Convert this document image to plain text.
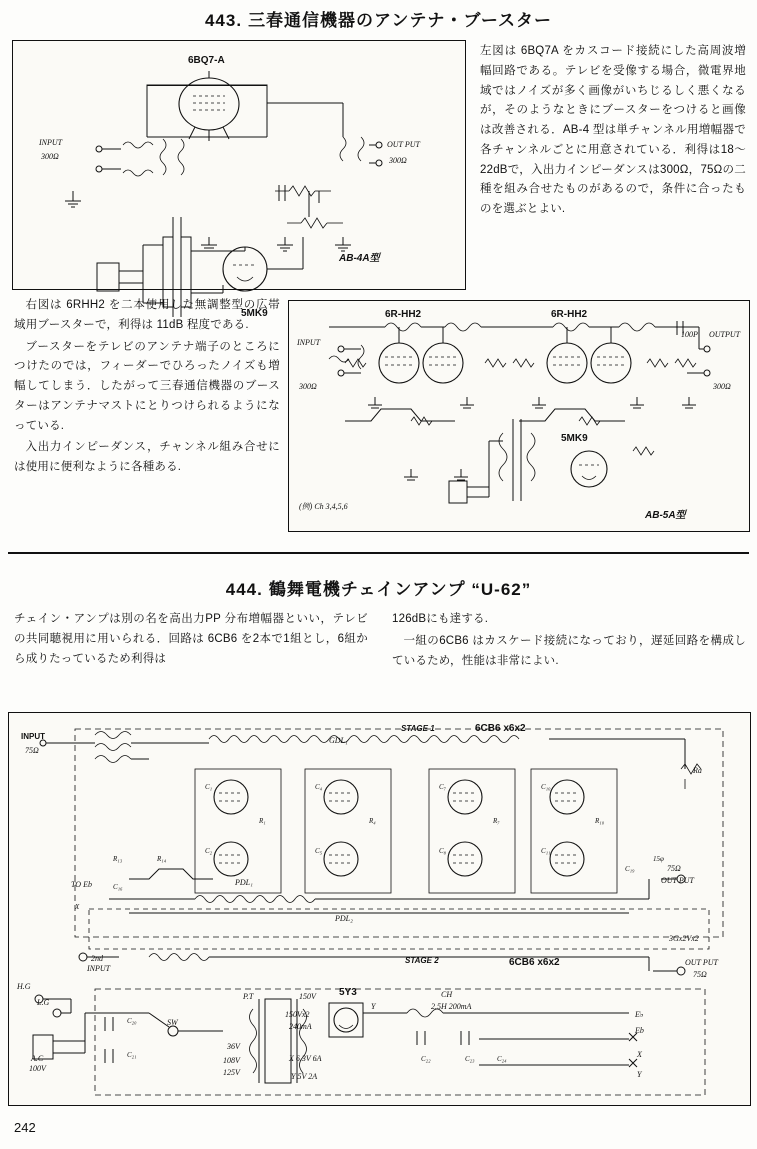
443. 三春通信機器のアンテナ・ブースター
6BQ7-A
INPUT
300Ω
OUT PUT
300Ω
5MK9
AB-4A型

左図は 6BQ7A をカスコード接続にした高周波増幅回路である。テレビを受像する場合，微電界地域ではノイズが多く画像がいちじるしく悪くなるが，そのようなときにブースターをつけると画像は改善される．AB-4 型は単チャンネル用増幅器で各チャンネルごとに用意されている．利得は18〜22dBで，入出力インピーダンスは300Ω，75Ωの二種を組み合せたものがあるので，条件に合ったものを選ぶとよい.

右図は 6RHH2 を二本使用した無調整型の広帯域用ブースターで，利得は 11dB 程度である.

ブースターをテレビのアンテナ端子のところにつけたのでは，フィーダーでひろったノイズも増幅してしまう．したがって三春通信機器のブースターはアンテナマストにとりつけられるようになっている.

入出力インピーダンス，チャンネル組み合せには使用に便利なように各種ある.

6R-HH2	6R-HH2
INPUT
300Ω
100P OUTPUT
300Ω
5MK9
(例) Ch 3,4,5,6
AB-5A型
444. 鶴舞電機チェインアンプ “U-62”

チェイン・アンプは別の名を高出力PP 分布増幅器といい，テレビの共同聴視用に用いられる．回路は 6CB6 を2本で1組とし，6組から成りたっているため利得は

126dBにも達する.

一組の6CB6 はカスケード接続になっており，遅延回路を構成しているため，性能は非常によい.

INPUT
75Ω
STAGE 1	6CB6 x6x2
STAGE 2	6CB6 x6x2
GDL₁
PDL₁
PDL₂
75Ω
OUT PUT
OUT PUT
75Ω
3Gx2Vx2
2nd
INPUT
H.G
L.G
A.C
100V
SW
P.T	150V
150Vx2
240mA
36V
108V
125V
5Y3
X 6.3V 6A
Y 5V 2A
CH
2.5H 200mA
Eb
X
Y
TO Eb
Ra
C₁	C₄	C₇	C₁₀
C₂	C₅	C₈	C₁₁
R₁	R₄	R₇	R₁₀
R₁₃
C₁₆
R₁₄
X
C₁₉
15φ
C₂₀
C₂₁
Y
C₂₂	C₂₃	C₂₄
E♭
242
